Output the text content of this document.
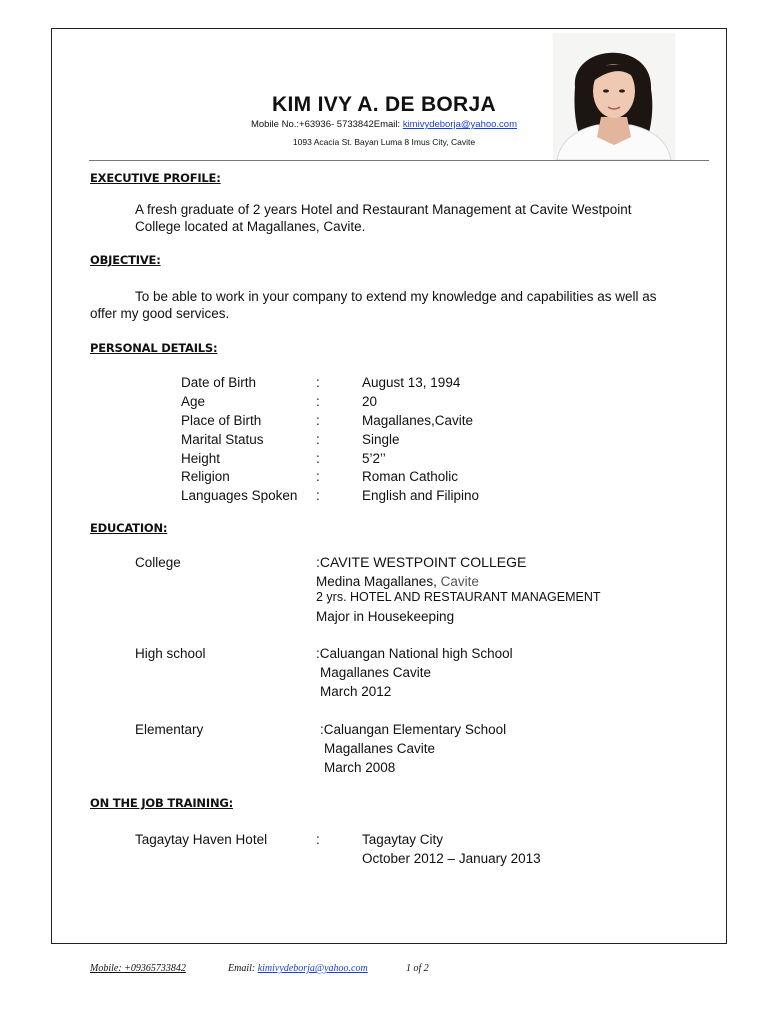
KIM IVY A. DE BORJA
Mobile No.:+63936- 5733842Email: kimivydeborja@yahoo.com
1093 Acacia St. Bayan Luma 8 Imus City, Cavite
EXECUTIVE PROFILE:
A fresh graduate of 2 years Hotel and Restaurant Management at Cavite Westpoint
College located at Magallanes, Cavite.
OBJECTIVE:
To be able to work in your company to extend my knowledge and capabilities as well as
offer my good services.
PERSONAL DETAILS:
Date of Birth	:	August 13, 1994
Age	:	20
Place of Birth	:	Magallanes,Cavite
Marital Status	:	Single
Height	:	5’2’’
Religion	:	Roman Catholic
Languages Spoken :	English and Filipino
EDUCATION:
College	:CAVITE WESTPOINT COLLEGE
Medina Magallanes, Cavite
2 yrs. HOTEL AND RESTAURANT MANAGEMENT
Major in Housekeeping
High school	:Caluangan National high School
Magallanes Cavite
March 2012
Elementary	:Caluangan Elementary School
Magallanes Cavite
March 2008
ON THE JOB TRAINING:
Tagaytay Haven Hotel	:	Tagaytay City
October 2012 – January 2013
Mobile: +09365733842	Email: kimivydeborja@yahoo.com	1 of 2
